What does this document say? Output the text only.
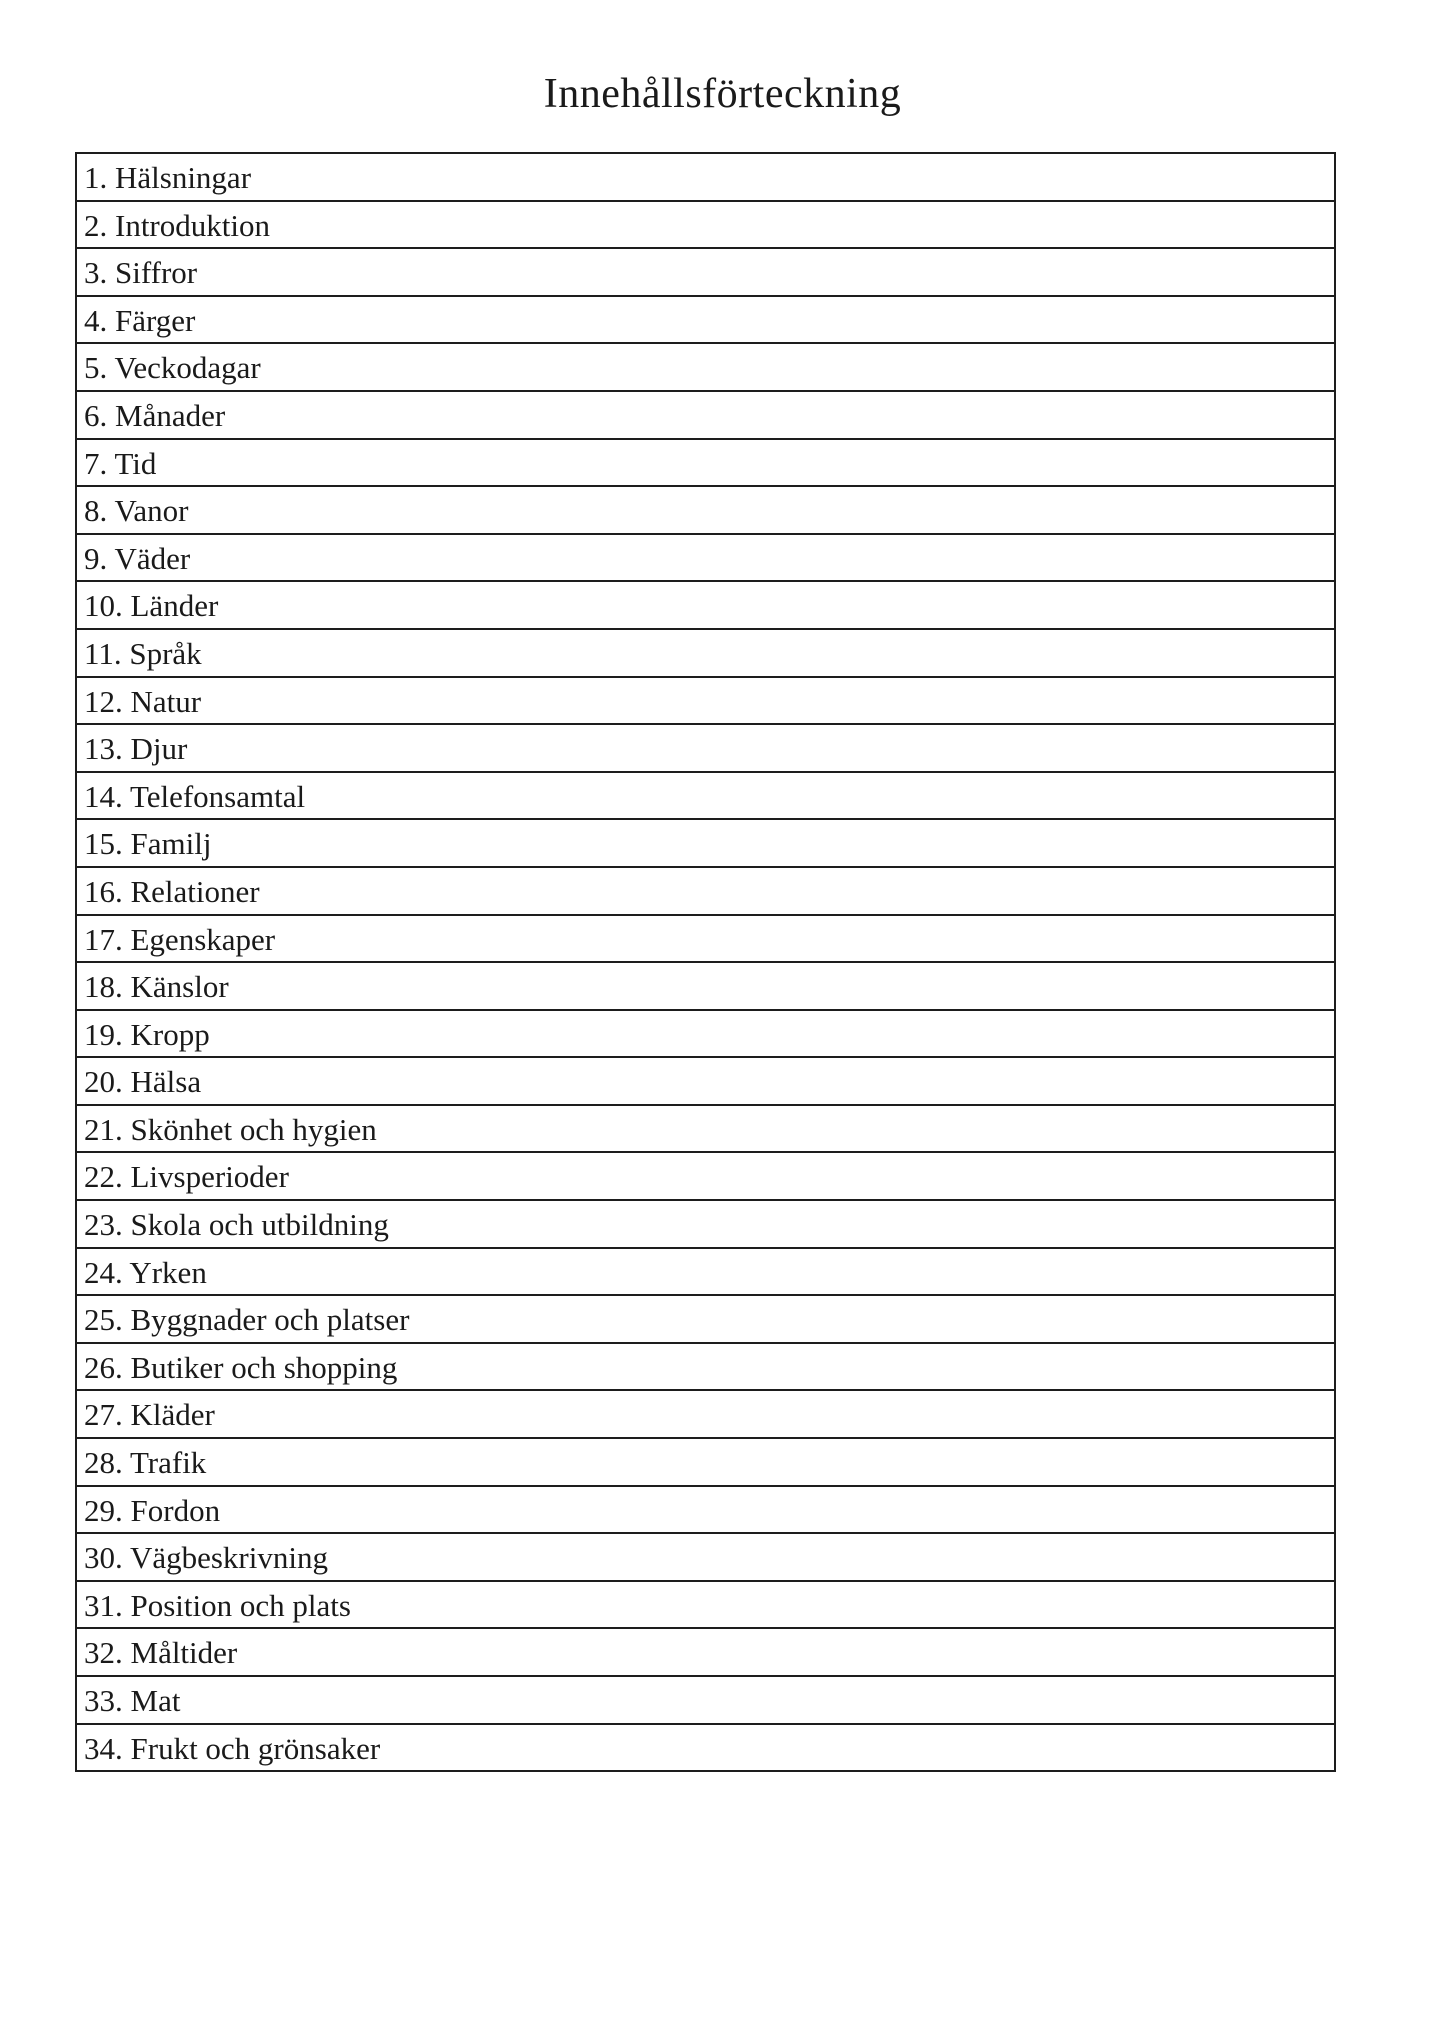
Innehållsförteckning
1. Hälsningar
2. Introduktion
3. Siffror
4. Färger
5. Veckodagar
6. Månader
7. Tid
8. Vanor
9. Väder
10. Länder
11. Språk
12. Natur
13. Djur
14. Telefonsamtal
15. Familj
16. Relationer
17. Egenskaper
18. Känslor
19. Kropp
20. Hälsa
21. Skönhet och hygien
22. Livsperioder
23. Skola och utbildning
24. Yrken
25. Byggnader och platser
26. Butiker och shopping
27. Kläder
28. Trafik
29. Fordon
30. Vägbeskrivning
31. Position och plats
32. Måltider
33. Mat
34. Frukt och grönsaker
